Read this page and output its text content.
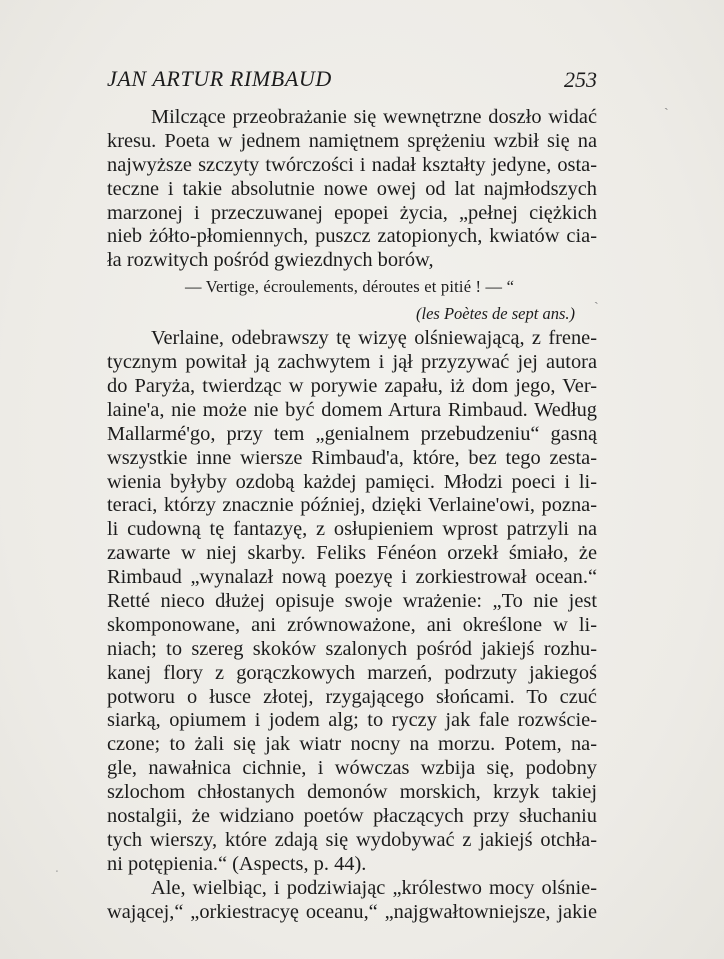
JAN ARTUR RIMBAUD	253
Milczące przeobrażanie się wewnętrzne doszło widać
kresu. Poeta w jednem namiętnem sprężeniu wzbił się na
najwyższe szczyty twórczości i nadał kształty jedyne, osta-
teczne i takie absolutnie nowe owej od lat najmłodszych
marzonej i przeczuwanej epopei życia, „pełnej ciężkich
nieb żółto-płomiennych, puszcz zatopionych, kwiatów cia-
ła rozwitych pośród gwiezdnych borów,
— Vertige, écroulements, déroutes et pitié ! — “
(les Poètes de sept ans.)
Verlaine, odebrawszy tę wizyę olśniewającą, z frene-
tycznym powitał ją zachwytem i jął przyzywać jej autora
do Paryża, twierdząc w porywie zapału, iż dom jego, Ver-
laine'a, nie może nie być domem Artura Rimbaud. Według
Mallarmé'go, przy tem „genialnem przebudzeniu“ gasną
wszystkie inne wiersze Rimbaud'a, które, bez tego zesta-
wienia byłyby ozdobą każdej pamięci. Młodzi poeci i li-
teraci, którzy znacznie później, dzięki Verlaine'owi, pozna-
li cudowną tę fantazyę, z osłupieniem wprost patrzyli na
zawarte w niej skarby. Feliks Fénéon orzekł śmiało, że
Rimbaud „wynalazł nową poezyę i zorkiestrował ocean.“
Retté nieco dłużej opisuje swoje wrażenie: „To nie jest
skomponowane, ani zrównoważone, ani określone w li-
niach; to szereg skoków szalonych pośród jakiejś rozhu-
kanej flory z gorączkowych marzeń, podrzuty jakiegoś
potworu o łusce złotej, rzygającego słońcami. To czuć
siarką, opiumem i jodem alg; to ryczy jak fale rozwście-
czone; to żali się jak wiatr nocny na morzu. Potem, na-
gle, nawałnica cichnie, i wówczas wzbija się, podobny
szlochom chłostanych demonów morskich, krzyk takiej
nostalgii, że widziano poetów płaczących przy słuchaniu
tych wierszy, które zdają się wydobywać z jakiejś otchła-
ni potępienia.“ (Aspects, p. 44).
Ale, wielbiąc, i podziwiając „królestwo mocy olśnie-
wającej,“ „orkiestracyę oceanu,“ „najgwałtowniejsze, jakie
ˎ
ˏ
ˑ
